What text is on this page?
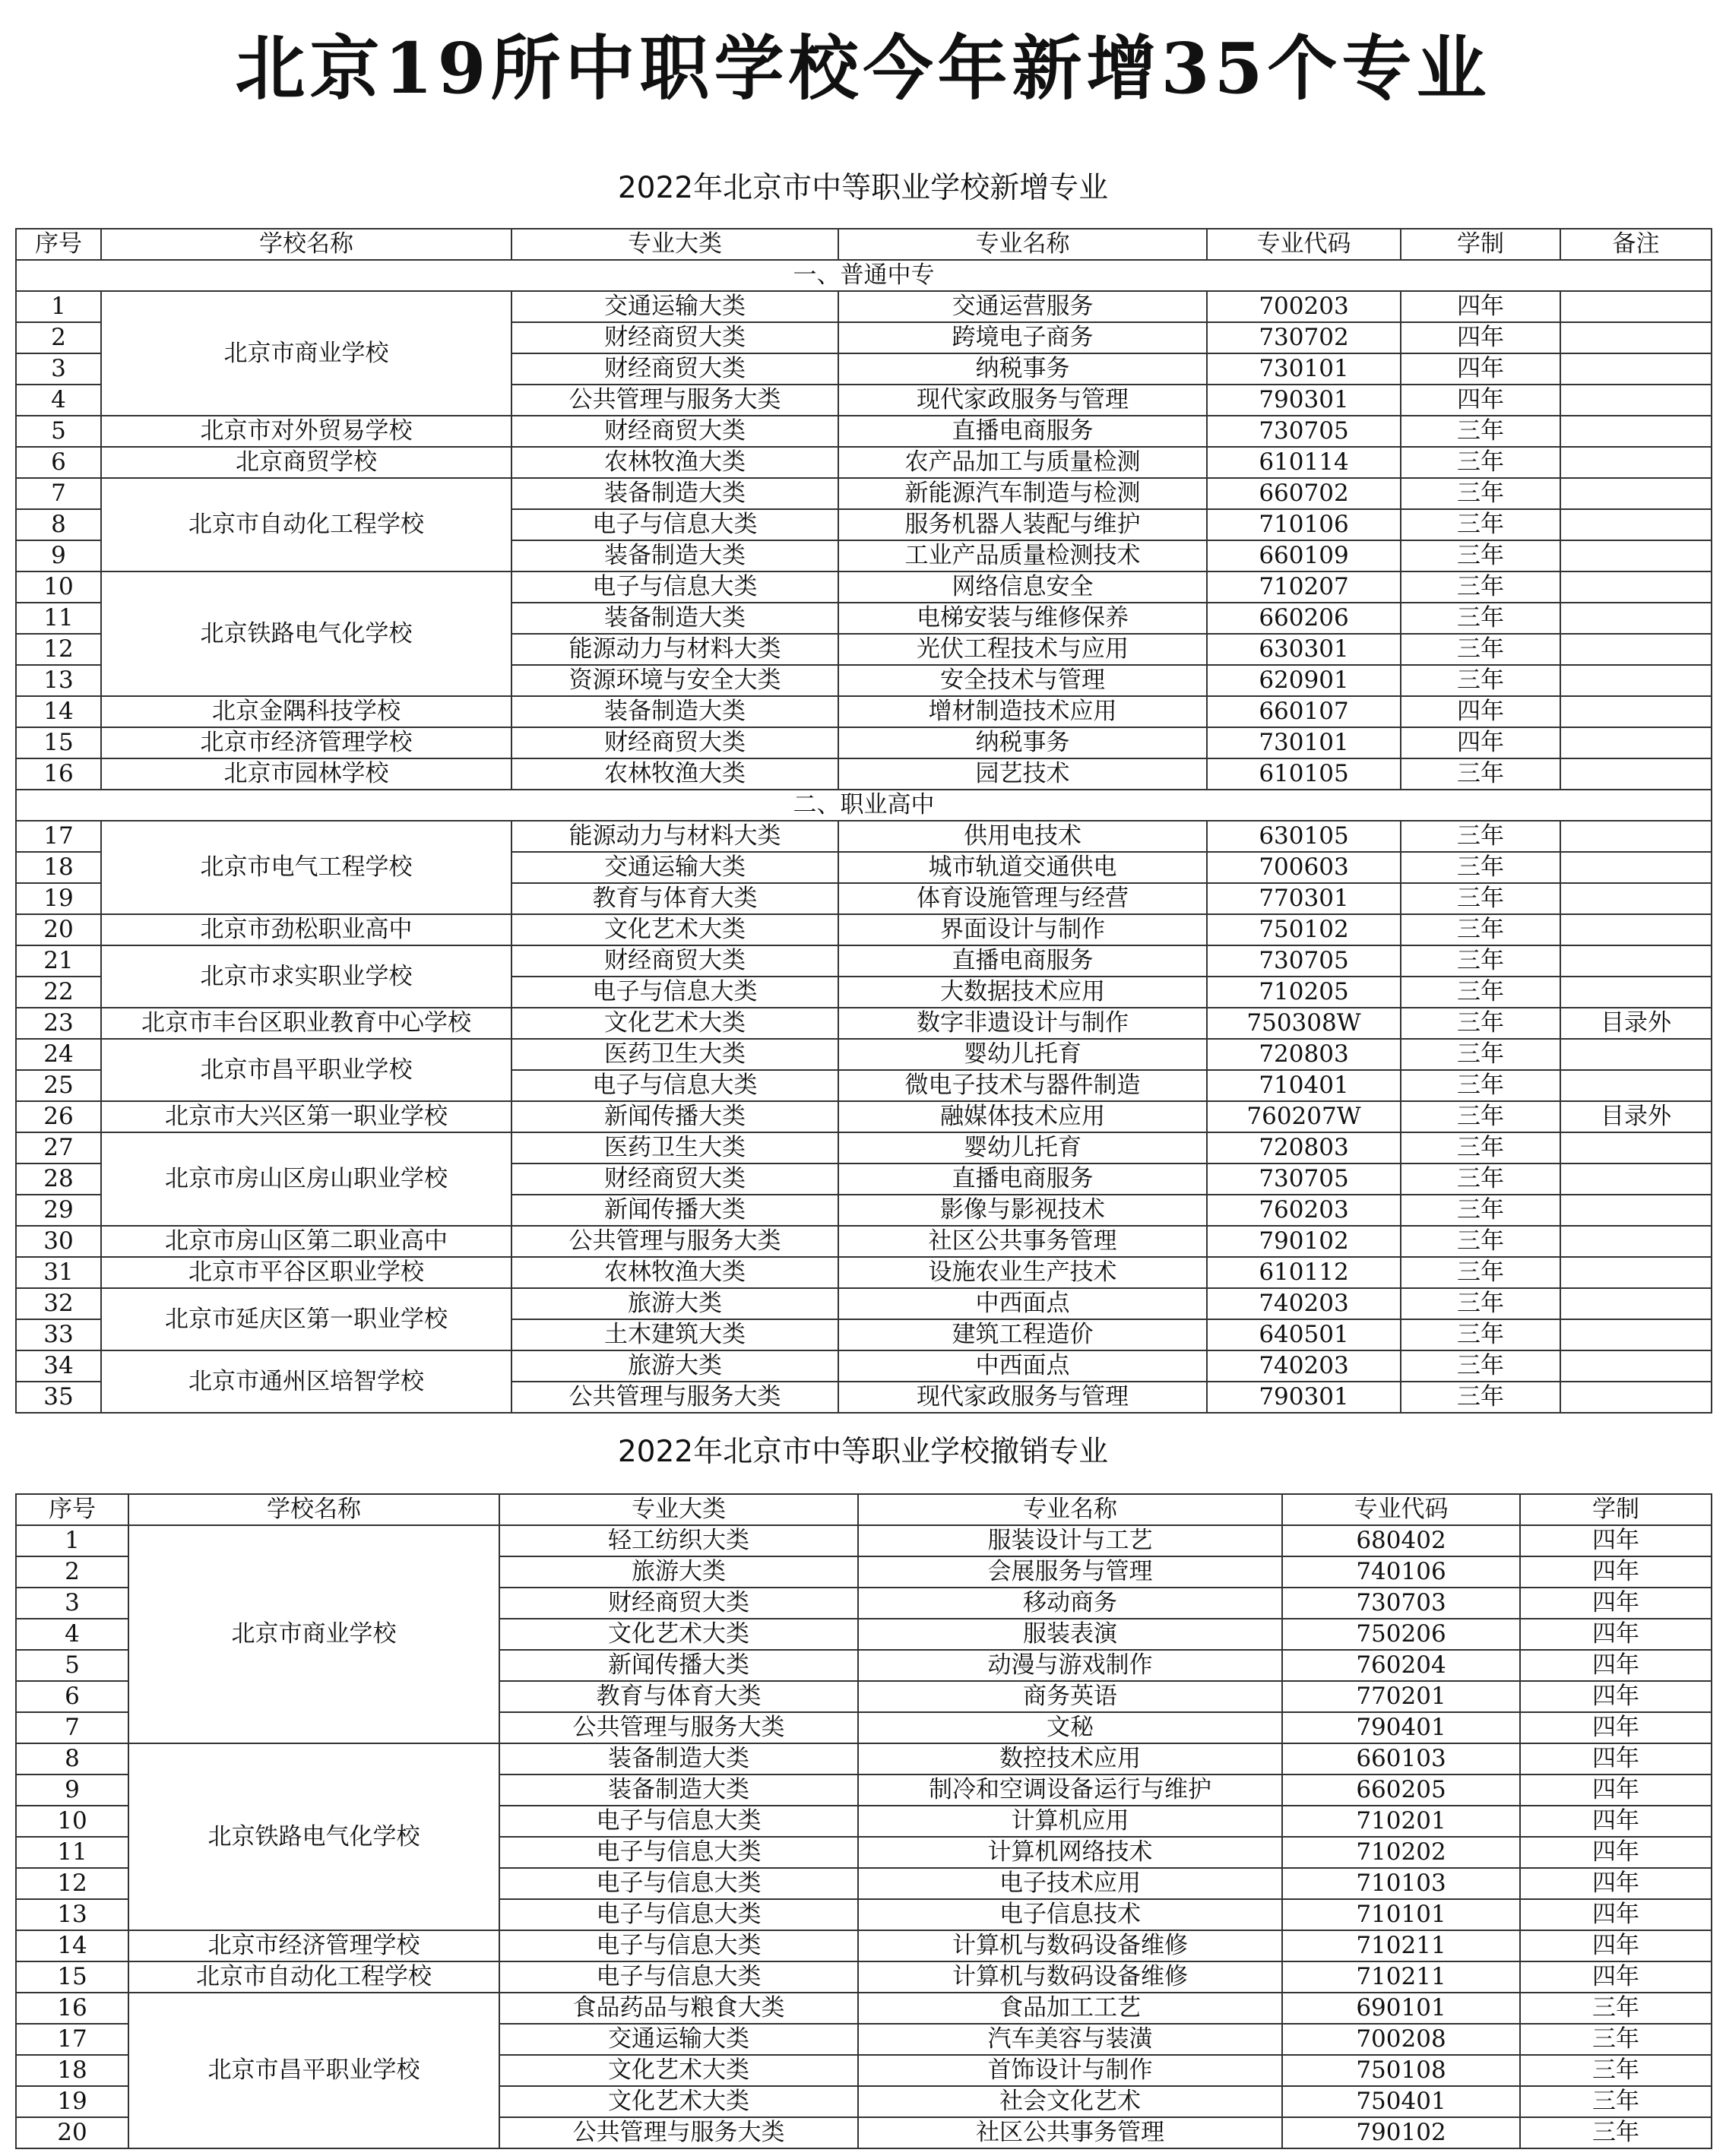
北京19所中职学校今年新增35个专业
2022年北京市中等职业学校新增专业
序号	学校名称	专业大类	专业名称	专业代码	学制	备注
一、普通中专						
1	北京市商业学校	交通运输大类	交通运营服务	700203	四年	
2		财经商贸大类	跨境电子商务	730702	四年	
3		财经商贸大类	纳税事务	730101	四年	
4		公共管理与服务大类	现代家政服务与管理	790301	四年	
5	北京市对外贸易学校	财经商贸大类	直播电商服务	730705	三年	
6	北京商贸学校	农林牧渔大类	农产品加工与质量检测	610114	三年	
7	北京市自动化工程学校	装备制造大类	新能源汽车制造与检测	660702	三年	
8		电子与信息大类	服务机器人装配与维护	710106	三年	
9		装备制造大类	工业产品质量检测技术	660109	三年	
10	北京铁路电气化学校	电子与信息大类	网络信息安全	710207	三年	
11		装备制造大类	电梯安装与维修保养	660206	三年	
12		能源动力与材料大类	光伏工程技术与应用	630301	三年	
13		资源环境与安全大类	安全技术与管理	620901	三年	
14	北京金隅科技学校	装备制造大类	增材制造技术应用	660107	四年	
15	北京市经济管理学校	财经商贸大类	纳税事务	730101	四年	
16	北京市园林学校	农林牧渔大类	园艺技术	610105	三年	
二、职业高中						
17	北京市电气工程学校	能源动力与材料大类	供用电技术	630105	三年	
18		交通运输大类	城市轨道交通供电	700603	三年	
19		教育与体育大类	体育设施管理与经营	770301	三年	
20	北京市劲松职业高中	文化艺术大类	界面设计与制作	750102	三年	
21	北京市求实职业学校	财经商贸大类	直播电商服务	730705	三年	
22		电子与信息大类	大数据技术应用	710205	三年	
23	北京市丰台区职业教育中心学校	文化艺术大类	数字非遗设计与制作	750308W	三年	目录外
24	北京市昌平职业学校	医药卫生大类	婴幼儿托育	720803	三年	
25		电子与信息大类	微电子技术与器件制造	710401	三年	
26	北京市大兴区第一职业学校	新闻传播大类	融媒体技术应用	760207W	三年	目录外
27	北京市房山区房山职业学校	医药卫生大类	婴幼儿托育	720803	三年	
28		财经商贸大类	直播电商服务	730705	三年	
29		新闻传播大类	影像与影视技术	760203	三年	
30	北京市房山区第二职业高中	公共管理与服务大类	社区公共事务管理	790102	三年	
31	北京市平谷区职业学校	农林牧渔大类	设施农业生产技术	610112	三年	
32	北京市延庆区第一职业学校	旅游大类	中西面点	740203	三年	
33		土木建筑大类	建筑工程造价	640501	三年	
34	北京市通州区培智学校	旅游大类	中西面点	740203	三年	
35		公共管理与服务大类	现代家政服务与管理	790301	三年	
2022年北京市中等职业学校撤销专业
序号	学校名称	专业大类	专业名称	专业代码	学制
1	北京市商业学校	轻工纺织大类	服装设计与工艺	680402	四年
2		旅游大类	会展服务与管理	740106	四年
3		财经商贸大类	移动商务	730703	四年
4		文化艺术大类	服装表演	750206	四年
5		新闻传播大类	动漫与游戏制作	760204	四年
6		教育与体育大类	商务英语	770201	四年
7		公共管理与服务大类	文秘	790401	四年
8	北京铁路电气化学校	装备制造大类	数控技术应用	660103	四年
9		装备制造大类	制冷和空调设备运行与维护	660205	四年
10		电子与信息大类	计算机应用	710201	四年
11		电子与信息大类	计算机网络技术	710202	四年
12		电子与信息大类	电子技术应用	710103	四年
13		电子与信息大类	电子信息技术	710101	四年
14	北京市经济管理学校	电子与信息大类	计算机与数码设备维修	710211	四年
15	北京市自动化工程学校	电子与信息大类	计算机与数码设备维修	710211	四年
16	北京市昌平职业学校	食品药品与粮食大类	食品加工工艺	690101	三年
17		交通运输大类	汽车美容与装潢	700208	三年
18		文化艺术大类	首饰设计与制作	750108	三年
19		文化艺术大类	社会文化艺术	750401	三年
20		公共管理与服务大类	社区公共事务管理	790102	三年
